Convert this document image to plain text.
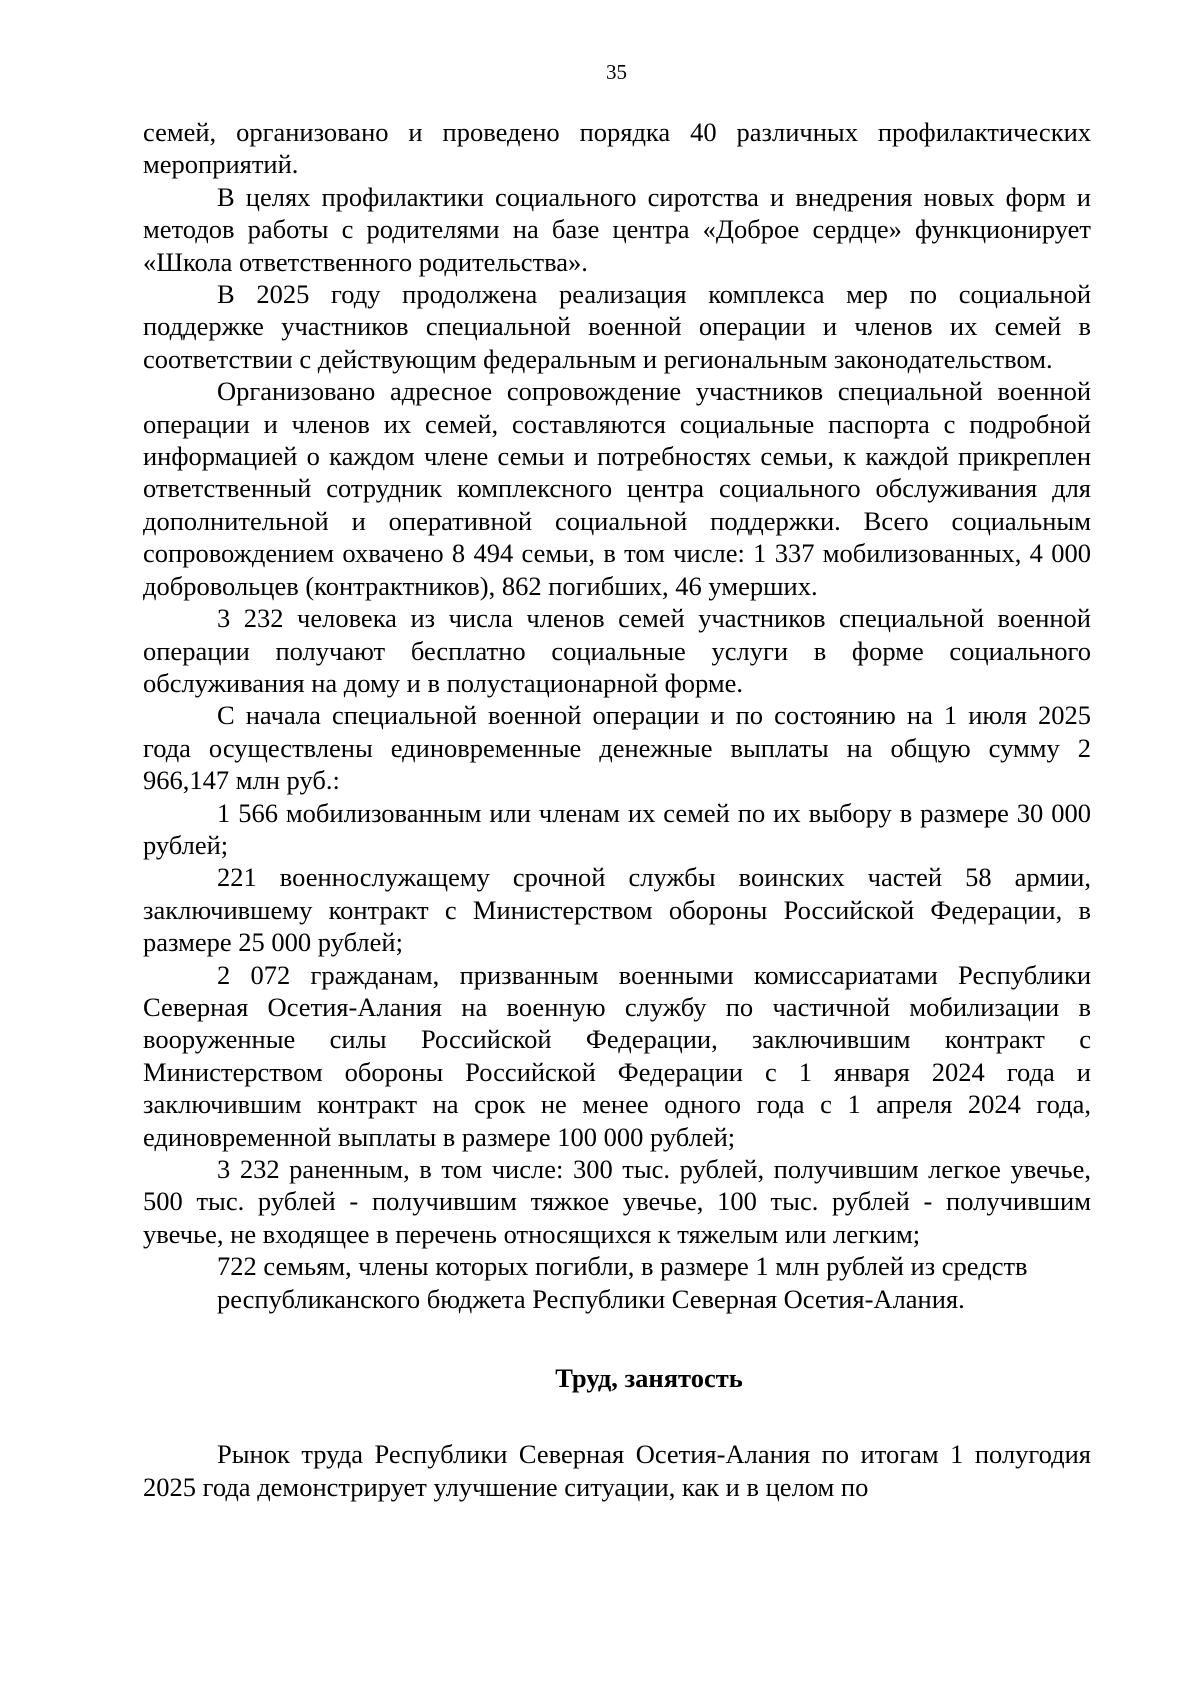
35

семей, организовано и проведено порядка 40 различных профилактических мероприятий.

В целях профилактики социального сиротства и внедрения новых форм и методов работы с родителями на базе центра «Доброе сердце» функционирует «Школа ответственного родительства».

В 2025 году продолжена реализация комплекса мер по социальной поддержке участников специальной военной операции и членов их семей в соответствии с действующим федеральным и региональным законодательством.

Организовано адресное сопровождение участников специальной военной операции и членов их семей, составляются социальные паспорта с подробной информацией о каждом члене семьи и потребностях семьи, к каждой прикреплен ответственный сотрудник комплексного центра социального обслуживания для дополнительной и оперативной социальной поддержки. Всего социальным сопровождением охвачено 8 494 семьи, в том числе: 1 337 мобилизованных, 4 000 добровольцев (контрактников), 862 погибших, 46 умерших.

3 232 человека из числа членов семей участников специальной военной операции получают бесплатно социальные услуги в форме социального обслуживания на дому и в полустационарной форме.

С начала специальной военной операции и по состоянию на 1 июля 2025 года осуществлены единовременные денежные выплаты на общую сумму 2 966,147 млн руб.:

1 566 мобилизованным или членам их семей по их выбору в размере 30 000 рублей;

221 военнослужащему срочной службы воинских частей 58 армии, заключившему контракт с Министерством обороны Российской Федерации, в размере 25 000 рублей;

2 072 гражданам, призванным военными комиссариатами Республики Северная Осетия-Алания на военную службу по частичной мобилизации в вооруженные силы Российской Федерации, заключившим контракт с Министерством обороны Российской Федерации с 1 января 2024 года и заключившим контракт на срок не менее одного года с 1 апреля 2024 года, единовременной выплаты в размере 100 000 рублей;

3 232 раненным, в том числе: 300 тыс. рублей, получившим легкое увечье, 500 тыс. рублей - получившим тяжкое увечье, 100 тыс. рублей - получившим увечье, не входящее в перечень относящихся к тяжелым или легким;

722 семьям, члены которых погибли, в размере 1 млн рублей из средств республиканского бюджета Республики Северная Осетия-Алания.

Труд, занятость

Рынок труда Республики Северная Осетия-Алания по итогам 1 полугодия 2025 года демонстрирует улучшение ситуации, как и в целом по
